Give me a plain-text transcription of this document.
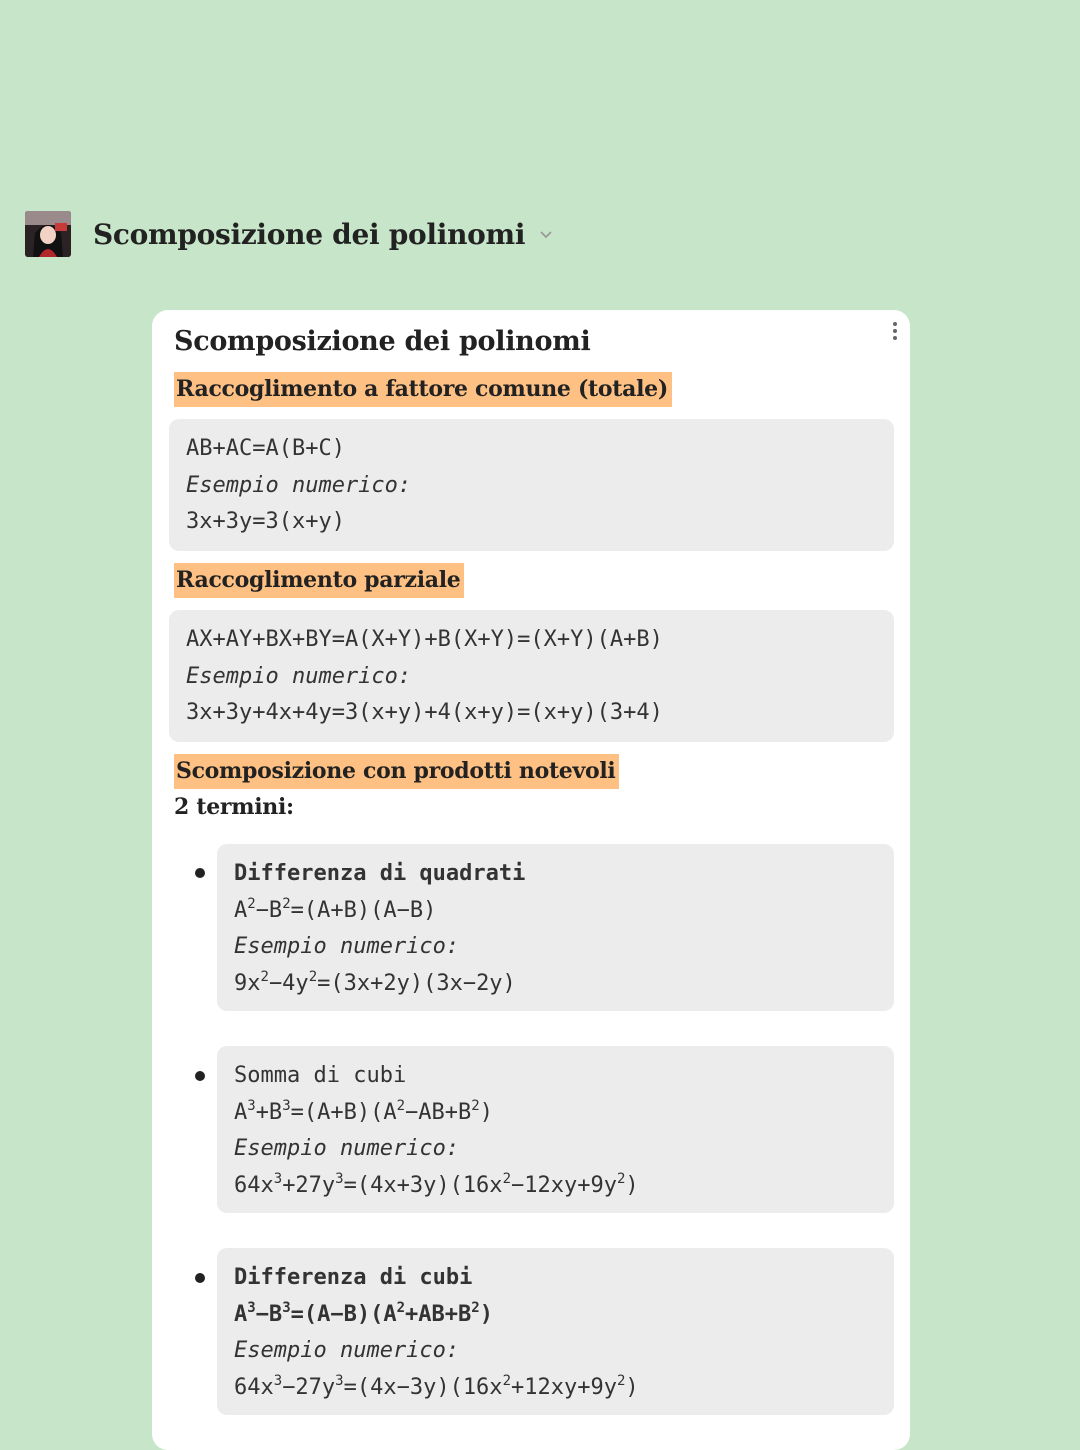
Scomposizione dei polinomi
Scomposizione dei polinomi
Raccoglimento a fattore comune (totale)
AB+AC=A(B+C)
Esempio numerico:
3x+3y=3(x+y)
Raccoglimento parziale
AX+AY+BX+BY=A(X+Y)+B(X+Y)=(X+Y)(A+B)
Esempio numerico:
3x+3y+4x+4y=3(x+y)+4(x+y)=(x+y)(3+4)
Scomposizione con prodotti notevoli
2 termini:
Differenza di quadrati
$A^2-B^2=(A+B)(A-B)$
Esempio numerico:
$9x^2-4y^2=(3x+2y)(3x-2y)$
Somma di cubi
$A^3+B^3=(A+B)(A^2-AB+B^2)$
Esempio numerico:
$64x^3+27y^3=(4x+3y)(16x^2-12xy+9y^2)$
Differenza di cubi
$A^3-B^3=(A-B)(A^2+AB+B^2)$
Esempio numerico:
$64x^3-27y^3=(4x-3y)(16x^2+12xy+9y^2)$
